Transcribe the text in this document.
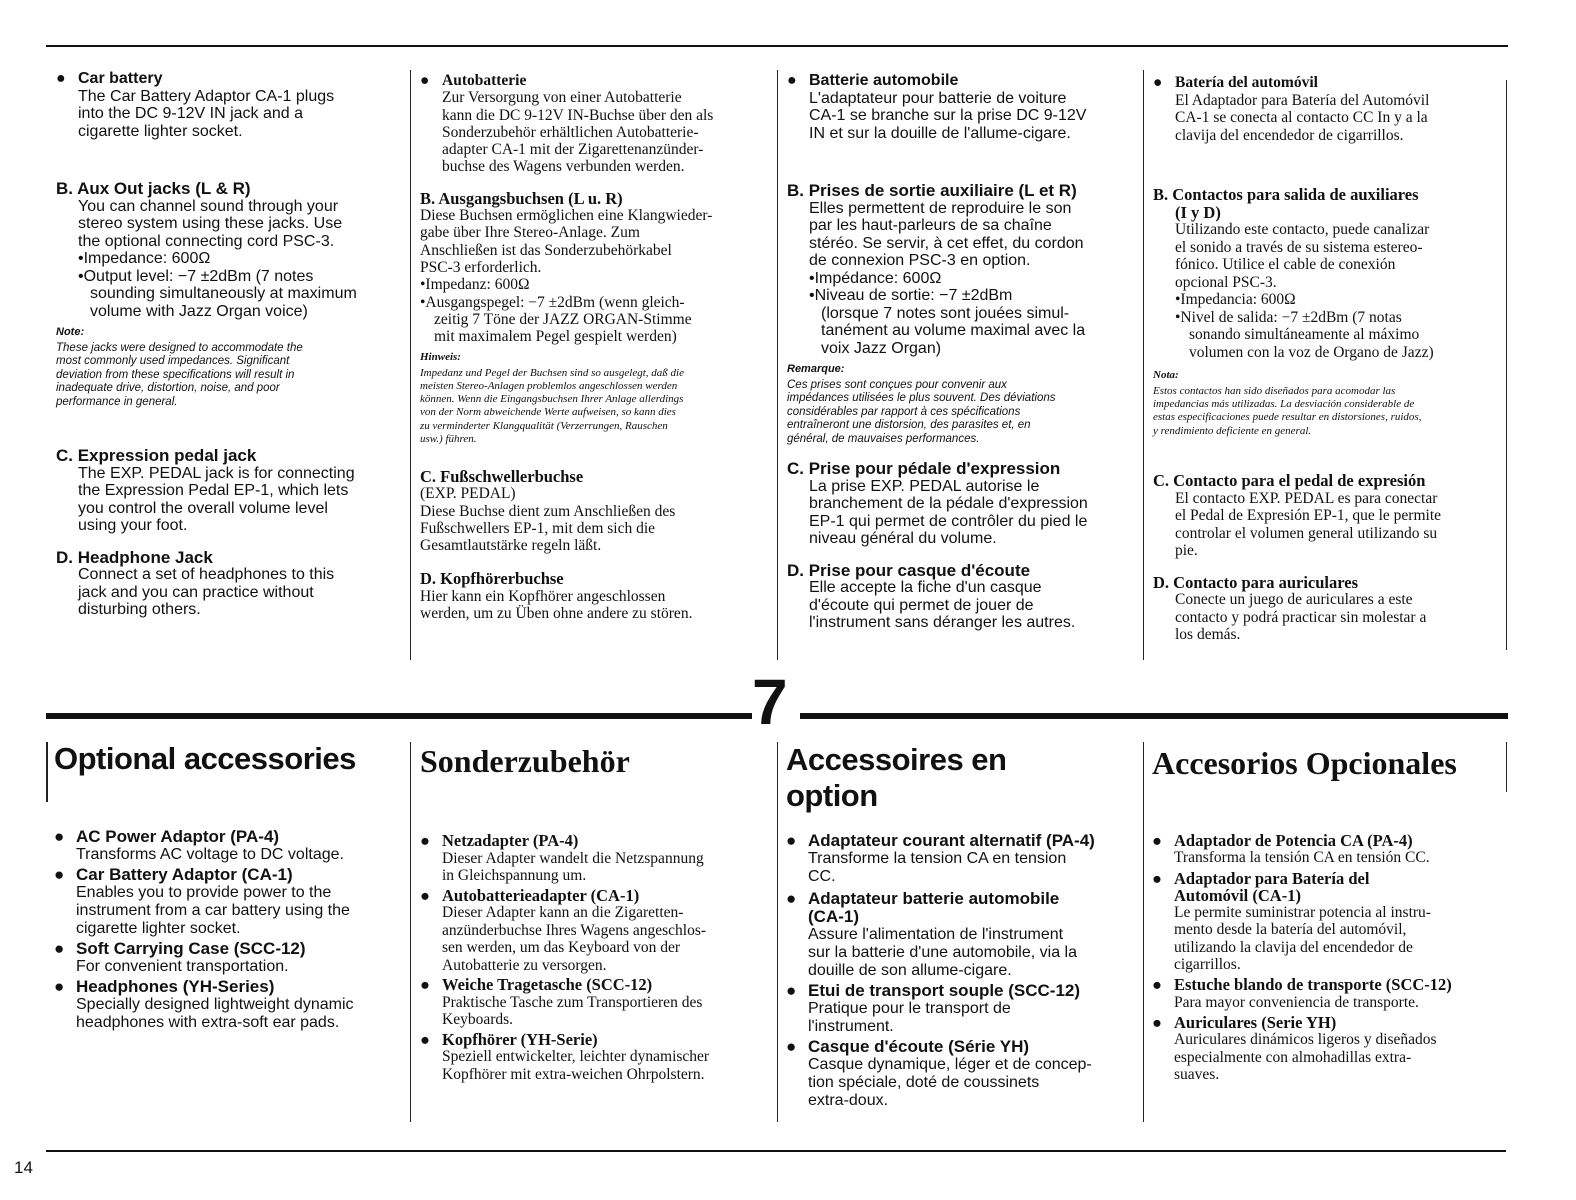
7
● Car battery
The Car Battery Adaptor CA-1 plugs
into the DC 9-12V IN jack and a
cigarette lighter socket.
B. Aux Out jacks (L & R)
You can channel sound through your
stereo system using these jacks. Use
the optional connecting cord PSC-3.
•Impedance: 600Ω
•Output level: −7 ±2dBm (7 notes
sounding simultaneously at maximum
volume with Jazz Organ voice)
Note:
These jacks were designed to accommodate the
most commonly used impedances. Significant
deviation from these specifications will result in
inadequate drive, distortion, noise, and poor
performance in general.
C. Expression pedal jack
The EXP. PEDAL jack is for connecting
the Expression Pedal EP-1, which lets
you control the overall volume level
using your foot.
D. Headphone Jack
Connect a set of headphones to this
jack and you can practice without
disturbing others.
● Autobatterie
Zur Versorgung von einer Autobatterie
kann die DC 9-12V IN-Buchse über den als
Sonderzubehör erhältlichen Autobatterie-
adapter CA-1 mit der Zigarettenanzünder-
buchse des Wagens verbunden werden.
B. Ausgangsbuchsen (L u. R)
Diese Buchsen ermöglichen eine Klangwieder-
gabe über Ihre Stereo-Anlage. Zum
Anschließen ist das Sonderzubehörkabel
PSC-3 erforderlich.
•Impedanz: 600Ω
•Ausgangspegel: −7 ±2dBm (wenn gleich-
zeitig 7 Töne der JAZZ ORGAN-Stimme
mit maximalem Pegel gespielt werden)
Hinweis:
Impedanz und Pegel der Buchsen sind so ausgelegt, daß die
meisten Stereo-Anlagen problemlos angeschlossen werden
können. Wenn die Eingangsbuchsen Ihrer Anlage allerdings
von der Norm abweichende Werte aufweisen, so kann dies
zu verminderter Klangqualität (Verzerrungen, Rauschen
usw.) führen.
C. Fußschwellerbuchse
(EXP. PEDAL)
Diese Buchse dient zum Anschließen des
Fußschwellers EP-1, mit dem sich die
Gesamtlautstärke regeln läßt.
D. Kopfhörerbuchse
Hier kann ein Kopfhörer angeschlossen
werden, um zu Üben ohne andere zu stören.
● Batterie automobile
L'adaptateur pour batterie de voiture
CA-1 se branche sur la prise DC 9-12V
IN et sur la douille de l'allume-cigare.
B. Prises de sortie auxiliaire (L et R)
Elles permettent de reproduire le son
par les haut-parleurs de sa chaîne
stéréo. Se servir, à cet effet, du cordon
de connexion PSC-3 en option.
•Impédance: 600Ω
•Niveau de sortie: −7 ±2dBm
(lorsque 7 notes sont jouées simul-
tanément au volume maximal avec la
voix Jazz Organ)
Remarque:
Ces prises sont conçues pour convenir aux
impédances utilisées le plus souvent. Des déviations
considérables par rapport à ces spécifications
entraîneront une distorsion, des parasites et, en
général, de mauvaises performances.
C. Prise pour pédale d'expression
La prise EXP. PEDAL autorise le
branchement de la pédale d'expression
EP-1 qui permet de contrôler du pied le
niveau général du volume.
D. Prise pour casque d'écoute
Elle accepte la fiche d'un casque
d'écoute qui permet de jouer de
l'instrument sans déranger les autres.
● Batería del automóvil
El Adaptador para Batería del Automóvil
CA-1 se conecta al contacto CC In y a la
clavija del encendedor de cigarrillos.
B. Contactos para salida de auxiliares
(I y D)
Utilizando este contacto, puede canalizar
el sonido a través de su sistema estereo-
fónico. Utilice el cable de conexión
opcional PSC-3.
•Impedancia: 600Ω
•Nivel de salida: −7 ±2dBm (7 notas
sonando simultáneamente al máximo
volumen con la voz de Organo de Jazz)
Nota:
Estos contactos han sido diseñados para acomodar las
impedancias más utilizadas. La desviación considerable de
estas especificaciones puede resultar en distorsiones, ruidos,
y rendimiento deficiente en general.
C. Contacto para el pedal de expresión
El contacto EXP. PEDAL es para conectar
el Pedal de Expresión EP-1, que le permite
controlar el volumen general utilizando su
pie.
D. Contacto para auriculares
Conecte un juego de auriculares a este
contacto y podrá practicar sin molestar a
los demás.
Optional accessories
● AC Power Adaptor (PA-4)
Transforms AC voltage to DC voltage.
● Car Battery Adaptor (CA-1)
Enables you to provide power to the
instrument from a car battery using the
cigarette lighter socket.
● Soft Carrying Case (SCC-12)
For convenient transportation.
● Headphones (YH-Series)
Specially designed lightweight dynamic
headphones with extra-soft ear pads.
Sonderzubehör
● Netzadapter (PA-4)
Dieser Adapter wandelt die Netzspannung
in Gleichspannung um.
● Autobatterieadapter (CA-1)
Dieser Adapter kann an die Zigaretten-
anzünderbuchse Ihres Wagens angeschlos-
sen werden, um das Keyboard von der
Autobatterie zu versorgen.
● Weiche Tragetasche (SCC-12)
Praktische Tasche zum Transportieren des
Keyboards.
● Kopfhörer (YH-Serie)
Speziell entwickelter, leichter dynamischer
Kopfhörer mit extra-weichen Ohrpolstern.
Accessoires en
option
● Adaptateur courant alternatif (PA-4)
Transforme la tension CA en tension
CC.
● Adaptateur batterie automobile
(CA-1)
Assure l'alimentation de l'instrument
sur la batterie d'une automobile, via la
douille de son allume-cigare.
● Etui de transport souple (SCC-12)
Pratique pour le transport de
l'instrument.
● Casque d'écoute (Série YH)
Casque dynamique, léger et de concep-
tion spéciale, doté de coussinets
extra-doux.
Accesorios Opcionales
● Adaptador de Potencia CA (PA-4)
Transforma la tensión CA en tensión CC.
● Adaptador para Batería del
Automóvil (CA-1)
Le permite suministrar potencia al instru-
mento desde la batería del automóvil,
utilizando la clavija del encendedor de
cigarrillos.
● Estuche blando de transporte (SCC-12)
Para mayor conveniencia de transporte.
● Auriculares (Serie YH)
Auriculares dinámicos ligeros y diseñados
especialmente con almohadillas extra-
suaves.
14
